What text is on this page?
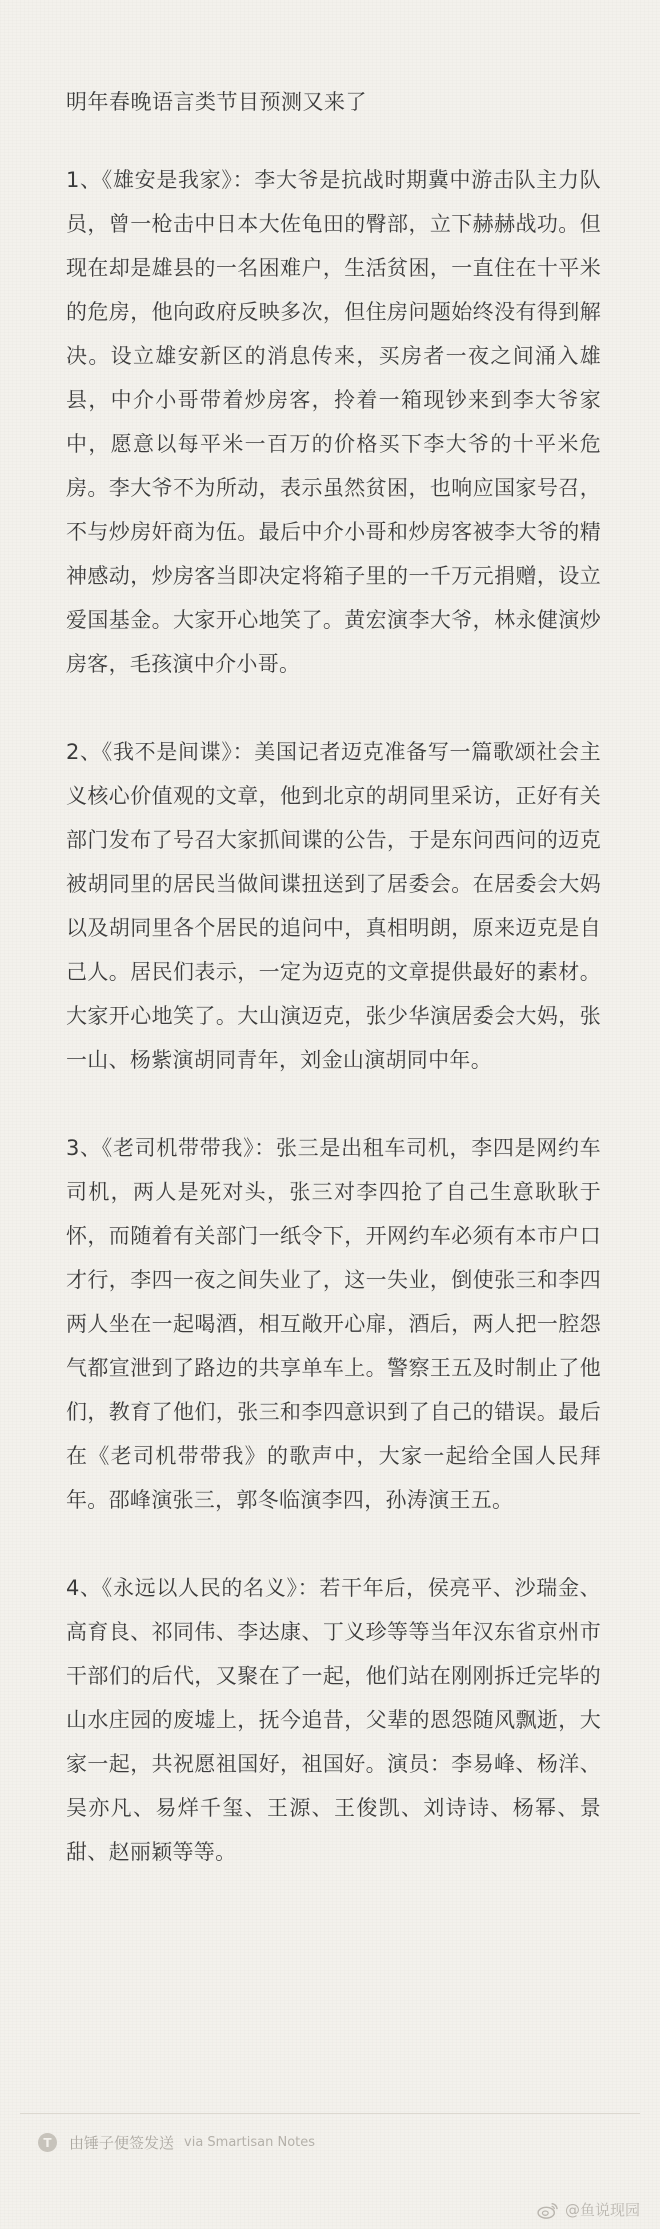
明年春晚语言类节目预测又来了

1、《雄安是我家》：李大爷是抗战时期冀中游击队主力队员，曾一枪击中日本大佐龟田的臀部，立下赫赫战功。但现在却是雄县的一名困难户，生活贫困，一直住在十平米的危房，他向政府反映多次，但住房问题始终没有得到解决。设立雄安新区的消息传来，买房者一夜之间涌入雄县，中介小哥带着炒房客，拎着一箱现钞来到李大爷家中，愿意以每平米一百万的价格买下李大爷的十平米危房。李大爷不为所动，表示虽然贫困，也响应国家号召，不与炒房奸商为伍。最后中介小哥和炒房客被李大爷的精神感动，炒房客当即决定将箱子里的一千万元捐赠，设立爱国基金。大家开心地笑了。黄宏演李大爷，林永健演炒房客，毛孩演中介小哥。

2、《我不是间谍》：美国记者迈克准备写一篇歌颂社会主义核心价值观的文章，他到北京的胡同里采访，正好有关部门发布了号召大家抓间谍的公告，于是东问西问的迈克被胡同里的居民当做间谍扭送到了居委会。在居委会大妈以及胡同里各个居民的追问中，真相明朗，原来迈克是自己人。居民们表示，一定为迈克的文章提供最好的素材。大家开心地笑了。大山演迈克，张少华演居委会大妈，张一山、杨紫演胡同青年，刘金山演胡同中年。

3、《老司机带带我》：张三是出租车司机，李四是网约车司机，两人是死对头，张三对李四抢了自己生意耿耿于怀，而随着有关部门一纸令下，开网约车必须有本市户口才行，李四一夜之间失业了，这一失业，倒使张三和李四两人坐在一起喝酒，相互敞开心扉，酒后，两人把一腔怨气都宣泄到了路边的共享单车上。警察王五及时制止了他们，教育了他们，张三和李四意识到了自己的错误。最后在《老司机带带我》的歌声中，大家一起给全国人民拜年。邵峰演张三，郭冬临演李四，孙涛演王五。

4、《永远以人民的名义》：若干年后，侯亮平、沙瑞金、高育良、祁同伟、李达康、丁义珍等等当年汉东省京州市干部们的后代，又聚在了一起，他们站在刚刚拆迁完毕的山水庄园的废墟上，抚今追昔，父辈的恩怨随风飘逝，大家一起，共祝愿祖国好，祖国好。演员：李易峰、杨洋、吴亦凡、易烊千玺、王源、王俊凯、刘诗诗、杨幂、景甜、赵丽颖等等。

T	由锤子便签发送 via Smartisan Notes
@鱼说现园
